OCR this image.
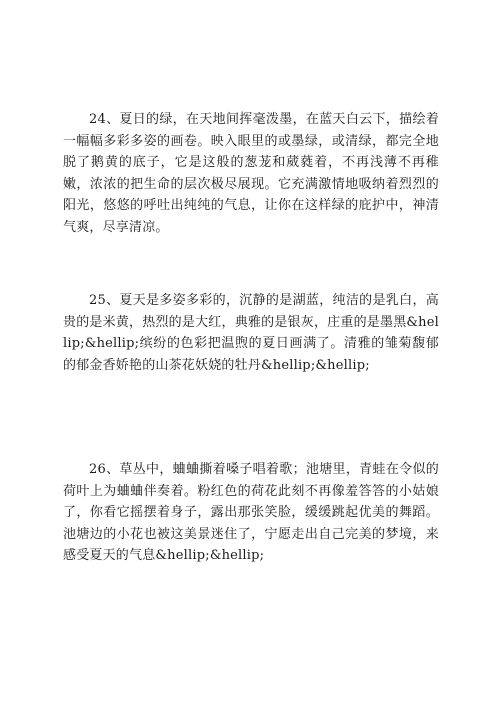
24、夏日的绿，在天地间挥毫泼墨，在蓝天白云下，描绘着一幅幅多彩多姿的画卷。映入眼里的或墨绿，或清绿，都完全地脱了鹅黄的底子，它是这般的葱茏和葳蕤着，不再浅薄不再稚嫩，浓浓的把生命的层次极尽展现。它充满激情地吸纳着烈烈的阳光，悠悠的呼吐出纯纯的气息，让你在这样绿的庇护中，神清气爽，尽享清凉。

25、夏天是多姿多彩的，沉静的是湖蓝，纯洁的是乳白，高贵的是米黄，热烈的是大红，典雅的是银灰，庄重的是墨黑&hellip;&hellip;缤纷的色彩把温煦的夏日画满了。清雅的雏菊馥郁的郁金香娇艳的山茶花妖娆的牡丹&hellip;&hellip;

26、草丛中，蛐蛐撕着嗓子唱着歌；池塘里，青蛙在令似的荷叶上为蛐蛐伴奏着。粉红色的荷花此刻不再像羞答答的小姑娘了，你看它摇摆着身子，露出那张笑脸，缓缓跳起优美的舞蹈。池塘边的小花也被这美景迷住了，宁愿走出自己完美的梦境，来感受夏天的气息&hellip;&hellip;
